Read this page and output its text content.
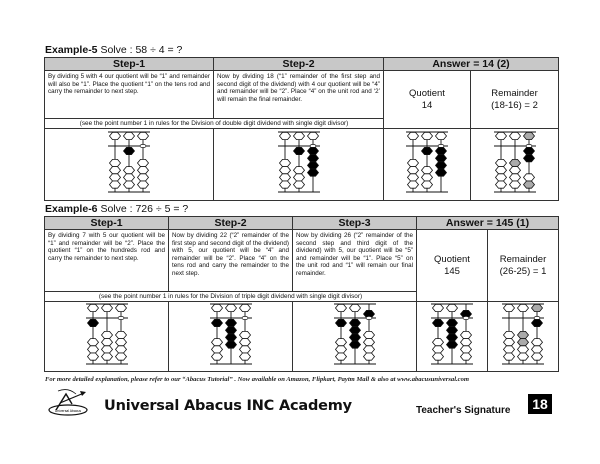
Example-5 Solve : 58 ÷ 4 = ?
Step-1	Step-2	Answer = 14 (2)	
By dividing 5 with 4 our quotient will be “1” and remainder will also be “1”. Place the quotient “1” on the tens rod and carry the remainder to next step.	Now by dividing 18 (“1” remainder of the first step and second digit of the dividend) with 4 our quotient will be “4” and remainder will be “2”. Place “4” on the unit rod and ‘2’ will remain the final remainder.	
Quotient
14

Remainder
(18-16) = 2

(see the point number 1 in rules for the Division of double digit dividend with single digit divisor)			

Example-6 Solve : 726 ÷ 5 = ?
Step-1	Step-2	Step-3	Answer = 145 (1)	
By dividing 7 with 5 our quotient will be “1” and remainder will be “2”. Place the quotient “1” on the hundreds rod and carry the remainder to next step.	Now by dividing 22 (“2” remainder of the first step and second digit of the dividend) with 5, our quotient will be “4” and remainder will be “2”. Place “4” on the tens rod and carry the remainder to the next step.	Now by dividing 26 (“2” remainder of the second step and third digit of the dividend) with 5, our quotient will be “5” and remainder will be “1”. Place “5” on the unit rod and “1” will remain our final remainder.	
Quotient
145

Remainder
(26-25) = 1

(see the point number 1 in rules for the Division of triple digit dividend with single digit divisor)				

For more detailed explanation, please refer to our “Abacus Tutorial” . Now available on Amazon, Flipkart, Paytm Mall & also at www.abacusuniversal.com
Universal Abacus Universal Abacus INC Academy	Teacher's Signature	18
